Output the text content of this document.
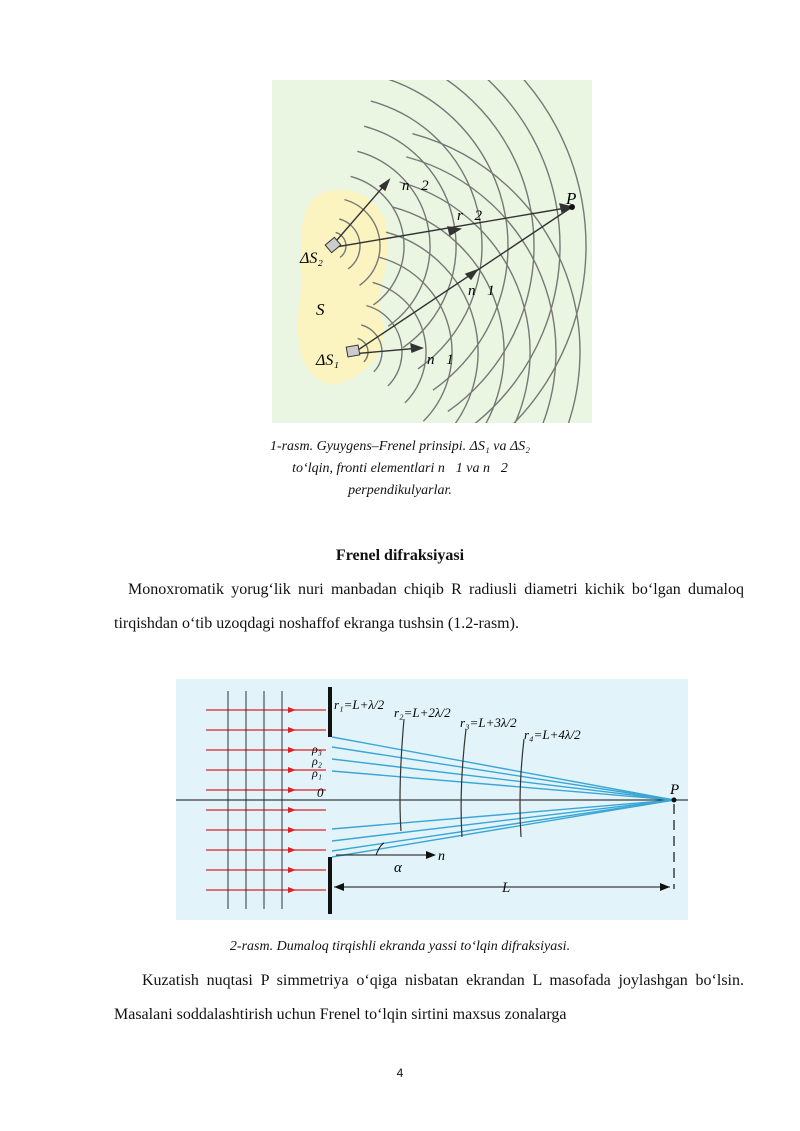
n⃗2
r⃗2
P
ΔS₂
S
n⃗1
ΔS₁	n⃗1
1-rasm. Gyuygens–Frenel prinsipi. ΔS₁ va ΔS₂
to‘lqin, fronti elementlari n⃗1 va n⃗2
perpendikulyarlar.
Frenel difraksiyasi
Monoxromatik yorug‘lik nuri manbadan chiqib R radiusli diametri kichik bo‘lgan dumaloq tirqishdan o‘tib uzoqdagi noshaffof ekranga tushsin (1.2-rasm).
r₁=L+λ/2
r₂=L+2λ/2
r₃=L+3λ/2
r₄=L+4λ/2
ρ₃
ρ₂
ρ₁
0	P
α
n⃗
L
2-rasm. Dumaloq tirqishli ekranda yassi to‘lqin difraksiyasi.
Kuzatish nuqtasi P simmetriya o‘qiga nisbatan ekrandan L masofada joylashgan bo‘lsin. Masalani soddalashtirish uchun Frenel to‘lqin sirtini maxsus zonalarga
4
